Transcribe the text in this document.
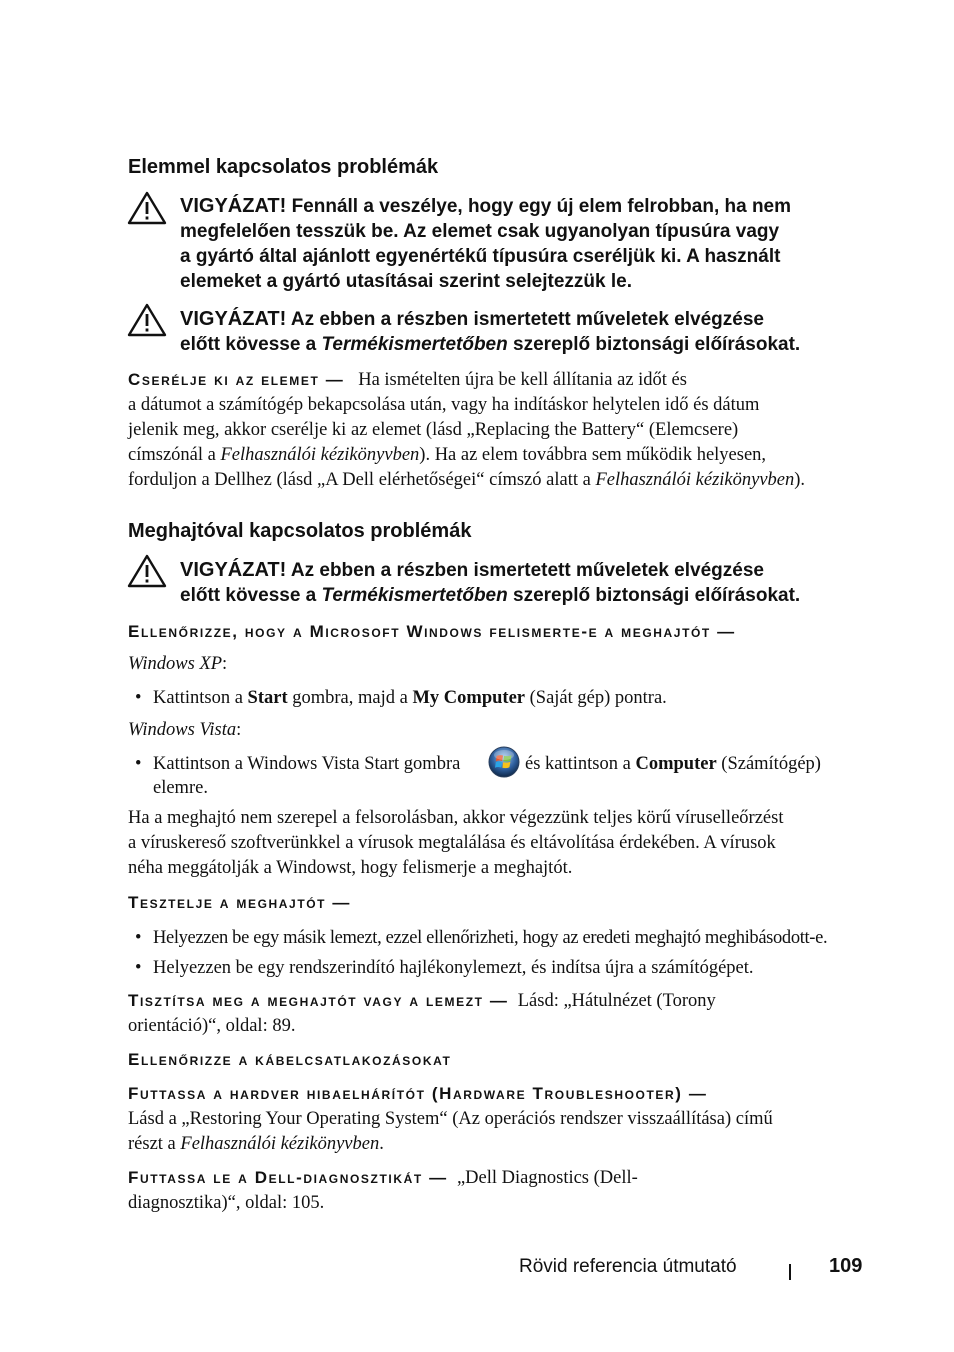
Elemmel kapcsolatos problémák
VIGYÁZAT! Fennáll a veszélye, hogy egy új elem felrobban, ha nem
megfelelően tesszük be. Az elemet csak ugyanolyan típusúra vagy
a gyártó által ajánlott egyenértékű típusúra cseréljük ki. A használt
elemeket a gyártó utasításai szerint selejtezzük le.
VIGYÁZAT! Az ebben a részben ismertetett műveletek elvégzése
előtt kövesse a Termékismertetőben szereplő biztonsági előírásokat.
Cserélje ki az elemet — Ha ismételten újra be kell állítania az időt és
a dátumot a számítógép bekapcsolása után, vagy ha indításkor helytelen idő és dátum
jelenik meg, akkor cserélje ki az elemet (lásd „Replacing the Battery“ (Elemcsere)
címszónál a Felhasználói kézikönyvben). Ha az elem továbbra sem működik helyesen,
forduljon a Dellhez (lásd „A Dell elérhetőségei“ címszó alatt a Felhasználói kézikönyvben).
Meghajtóval kapcsolatos problémák
VIGYÁZAT! Az ebben a részben ismertetett műveletek elvégzése
előtt kövesse a Termékismertetőben szereplő biztonsági előírásokat.
Ellenőrizze, hogy a Microsoft Windows felismerte-e a meghajtót —
Windows XP:
• Kattintson a Start gombra, majd a My Computer (Saját gép) pontra.
Windows Vista:
• Kattintson a Windows Vista Start gombra	és kattintson a Computer (Számítógép)
elemre.
Ha a meghajtó nem szerepel a felsorolásban, akkor végezzünk teljes körű víruselleőrzést
a víruskereső szoftverünkkel a vírusok megtalálása és eltávolítása érdekében. A vírusok
néha meggátolják a Windowst, hogy felismerje a meghajtót.
Tesztelje a meghajtót —
• Helyezzen be egy másik lemezt, ezzel ellenőrizheti, hogy az eredeti meghajtó meghibásodott-e.
• Helyezzen be egy rendszerindító hajlékonylemezt, és indítsa újra a számítógépet.
Tisztítsa meg a meghajtót vagy a lemezt — Lásd: „Hátulnézet (Torony
orientáció)“, oldal: 89.
Ellenőrizze a kábelcsatlakozásokat
Futtassa a hardver hibaelhárítót (Hardware Troubleshooter) —
Lásd a „Restoring Your Operating System“ (Az operációs rendszer visszaállítása) című
részt a Felhasználói kézikönyvben.
Futtassa le a Dell-diagnosztikát — „Dell Diagnostics (Dell-
diagnosztika)“, oldal: 105.
Rövid referencia útmutató	109
